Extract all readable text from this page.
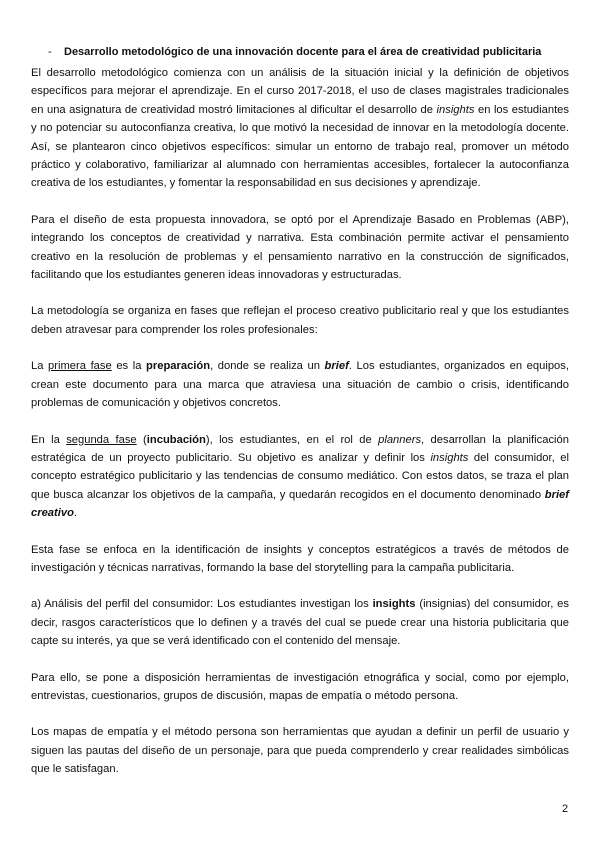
- Desarrollo metodológico de una innovación docente para el área de creatividad publicitaria

El desarrollo metodológico comienza con un análisis de la situación inicial y la definición de objetivos específicos para mejorar el aprendizaje. En el curso 2017-2018, el uso de clases magistrales tradicionales en una asignatura de creatividad mostró limitaciones al dificultar el desarrollo de insights en los estudiantes y no potenciar su autoconfianza creativa, lo que motivó la necesidad de innovar en la metodología docente. Así, se plantearon cinco objetivos específicos: simular un entorno de trabajo real, promover un método práctico y colaborativo, familiarizar al alumnado con herramientas accesibles, fortalecer la autoconfianza creativa de los estudiantes, y fomentar la responsabilidad en sus decisiones y aprendizaje.

Para el diseño de esta propuesta innovadora, se optó por el Aprendizaje Basado en Problemas (ABP), integrando los conceptos de creatividad y narrativa. Esta combinación permite activar el pensamiento creativo en la resolución de problemas y el pensamiento narrativo en la construcción de significados, facilitando que los estudiantes generen ideas innovadoras y estructuradas.

La metodología se organiza en fases que reflejan el proceso creativo publicitario real y que los estudiantes deben atravesar para comprender los roles profesionales:

La primera fase es la preparación, donde se realiza un brief. Los estudiantes, organizados en equipos, crean este documento para una marca que atraviesa una situación de cambio o crisis, identificando problemas de comunicación y objetivos concretos.

En la segunda fase (incubación), los estudiantes, en el rol de planners, desarrollan la planificación estratégica de un proyecto publicitario. Su objetivo es analizar y definir los insights del consumidor, el concepto estratégico publicitario y las tendencias de consumo mediático. Con estos datos, se traza el plan que busca alcanzar los objetivos de la campaña, y quedarán recogidos en el documento denominado brief creativo.

Esta fase se enfoca en la identificación de insights y conceptos estratégicos a través de métodos de investigación y técnicas narrativas, formando la base del storytelling para la campaña publicitaria.

a) Análisis del perfil del consumidor: Los estudiantes investigan los insights (insignias) del consumidor, es decir, rasgos característicos que lo definen y a través del cual se puede crear una historia publicitaria que capte su interés, ya que se verá identificado con el contenido del mensaje.

Para ello, se pone a disposición herramientas de investigación etnográfica y social, como por ejemplo, entrevistas, cuestionarios, grupos de discusión, mapas de empatía o método persona.

Los mapas de empatía y el método persona son herramientas que ayudan a definir un perfil de usuario y siguen las pautas del diseño de un personaje, para que pueda comprenderlo y crear realidades simbólicas que le satisfagan.

2
